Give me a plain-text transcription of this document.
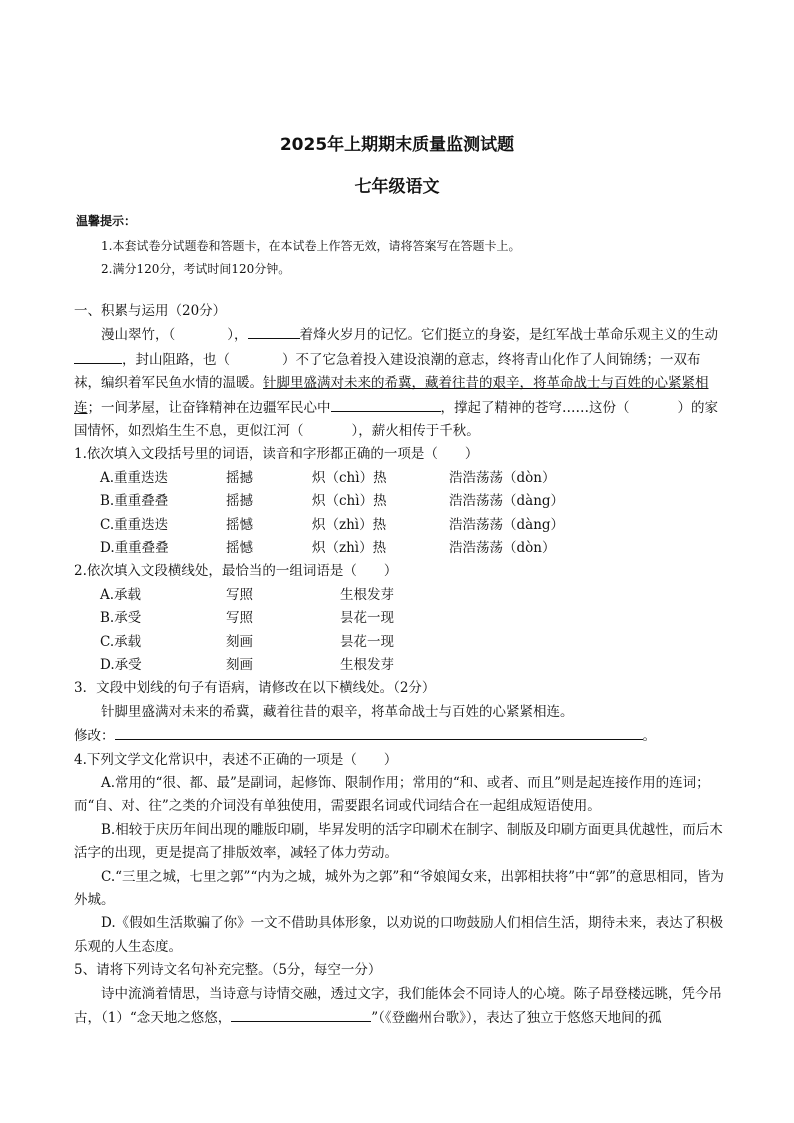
2025年上期期末质量监测试题
七年级语文
温馨提示：
1.本套试卷分试题卷和答题卡，在本试卷上作答无效，请将答案写在答题卡上。
2.满分120分，考试时间120分钟。

一、积累与运用（20分）

漫山翠竹，（	），	着烽火岁月的记忆。它们挺立的身姿，是红军战士革命乐观主义的生动，封山阻路，也（	）不了它急着投入建设浪潮的意志，终将青山化作了人间锦绣；一双布袜，编织着军民鱼水情的温暖。针脚里盛满对未来的希冀，藏着往昔的艰辛，将革命战士与百姓的心紧紧相连；一间茅屋，让奋锋精神在边疆军民心中	，撑起了精神的苍穹……这份（	）的家国情怀，如烈焰生生不息，更似江河（	），薪火相传于千秋。

1.依次填入文段括号里的词语，读音和字形都正确的一项是（　　）

A.重重迭迭	摇撼	炽（chì）热	浩浩荡荡（dòn）
B.重重叠叠	摇撼	炽（chì）热	浩浩荡荡（dàng）
C.重重迭迭	摇憾	炽（zhì）热	浩浩荡荡（dàng）
D.重重叠叠	摇憾	炽（zhì）热	浩浩荡荡（dòn）

2.依次填入文段横线处，最恰当的一组词语是（　　）

A.承载	写照	生根发芽
B.承受	写照	昙花一现
C.承载	刻画	昙花一现
D.承受	刻画	生根发芽

3．文段中划线的句子有语病，请修改在以下横线处。（2分）

针脚里盛满对未来的希冀，藏着往昔的艰辛，将革命战士与百姓的心紧紧相连。

修改：	。

4.下列文学文化常识中，表述不正确的一项是（　　）

A.常用的“很、都、最”是副词，起修饰、限制作用；常用的“和、或者、而且”则是起连接作用的连词；而“自、对、往”之类的介词没有单独使用，需要跟名词或代词结合在一起组成短语使用。

B.相较于庆历年间出现的雕版印刷，毕昇发明的活字印刷术在制字、制版及印刷方面更具优越性，而后木活字的出现，更是提高了排版效率，减轻了体力劳动。

C.“三里之城，七里之郭”“内为之城，城外为之郭”和“爷娘闻女来，出郭相扶将”中“郭”的意思相同，皆为外城。

D.《假如生活欺骗了你》一文不借助具体形象，以劝说的口吻鼓励人们相信生活，期待未来，表达了积极乐观的人生态度。

5、请将下列诗文名句补充完整。（5分，每空一分）

诗中流淌着情思，当诗意与诗情交融，透过文字，我们能体会不同诗人的心境。陈子昂登楼远眺，凭今吊古，（1）“念天地之悠悠，	”（《登幽州台歌》），表达了独立于悠悠天地间的孤
